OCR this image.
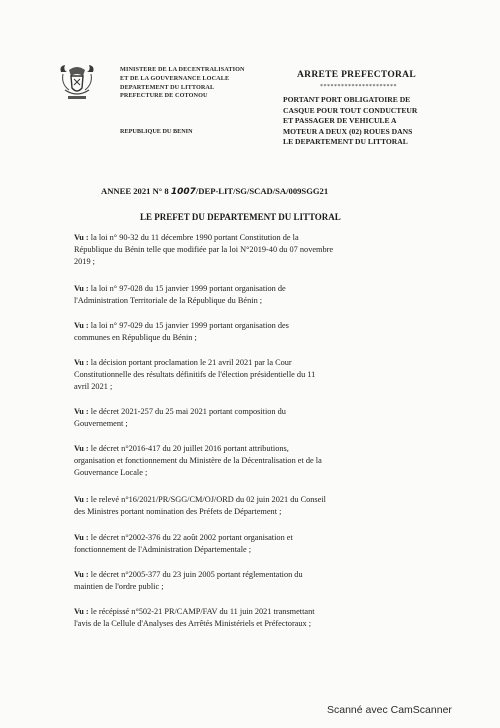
MINISTERE DE LA DECENTRALISATION
ET DE LA GOUVERNANCE LOCALE
DEPARTEMENT DU LITTORAL
PREFECTURE DE COTONOU
REPUBLIQUE DU BENIN
ARRETE PREFECTORAL
**********************
PORTANT PORT OBLIGATOIRE DE
CASQUE POUR TOUT CONDUCTEUR
ET PASSAGER DE VEHICULE A
MOTEUR A DEUX (02) ROUES DANS
LE DEPARTEMENT DU LITTORAL
ANNEE 2021 N° 8 1007/DEP-LIT/SG/SCAD/SA/009SGG21
LE PREFET DU DEPARTEMENT DU LITTORAL
Vu : la loi n° 90-32 du 11 décembre 1990 portant Constitution de la
République du Bénin telle que modifiée par la loi N°2019-40 du 07 novembre
2019 ;
Vu : la loi n° 97-028 du 15 janvier 1999 portant organisation de
l'Administration Territoriale de la République du Bénin ;
Vu : la loi n° 97-029 du 15 janvier 1999 portant organisation des
communes en République du Bénin ;
Vu : la décision portant proclamation le 21 avril 2021 par la Cour
Constitutionnelle des résultats définitifs de l'élection présidentielle du 11
avril 2021 ;
Vu : le décret 2021-257 du 25 mai 2021 portant composition du
Gouvernement ;
Vu : le décret n°2016-417 du 20 juillet 2016 portant attributions,
organisation et fonctionnement du Ministère de la Décentralisation et de la
Gouvernance Locale ;
Vu : le relevé n°16/2021/PR/SGG/CM/OJ/ORD du 02 juin 2021 du Conseil
des Ministres portant nomination des Préfets de Département ;
Vu : le décret n°2002-376 du 22 août 2002 portant organisation et
fonctionnement de l'Administration Départementale ;
Vu : le décret n°2005-377 du 23 juin 2005 portant réglementation du
maintien de l'ordre public ;
Vu : le récépissé n°502-21 PR/CAMP/FAV du 11 juin 2021 transmettant
l'avis de la Cellule d'Analyses des Arrêtés Ministériels et Préfectoraux ;
Scanné avec CamScanner
